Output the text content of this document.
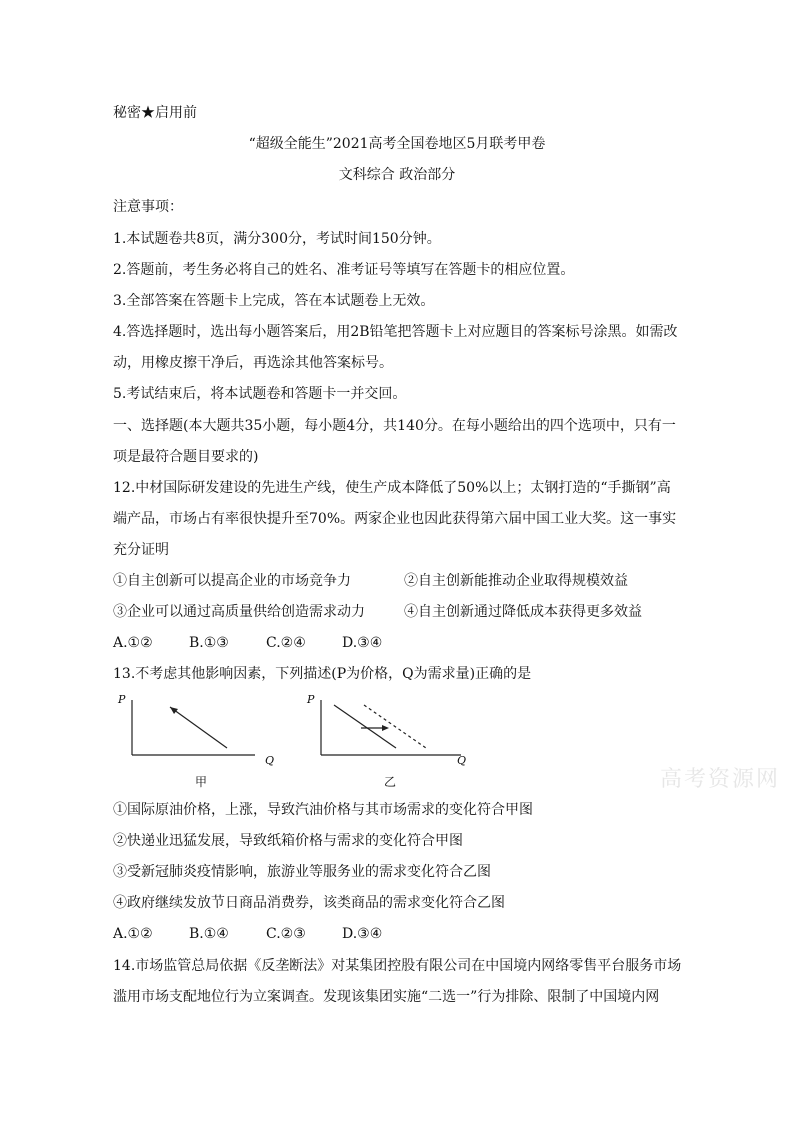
秘密★启用前
“超级全能生”2021高考全国卷地区5月联考甲卷
文科综合 政治部分
注意事项：
1.本试题卷共8页，满分300分，考试时间150分钟。
2.答题前，考生务必将自己的姓名、准考证号等填写在答题卡的相应位置。
3.全部答案在答题卡上完成，答在本试题卷上无效。
4.答选择题时，选出每小题答案后，用2B铅笔把答题卡上对应题目的答案标号涂黑。如需改
动，用橡皮擦干净后，再选涂其他答案标号。
5.考试结束后，将本试题卷和答题卡一并交回。
一、选择题(本大题共35小题，每小题4分，共140分。在每小题给出的四个选项中，只有一
项是最符合题目要求的)
12.中材国际研发建设的先进生产线，使生产成本降低了50%以上；太钢打造的“手撕钢”高
端产品，市场占有率很快提升至70%。两家企业也因此获得第六届中国工业大奖。这一事实
充分证明
①自主创新可以提高企业的市场竞争力	②自主创新能推动企业取得规模效益
③企业可以通过高质量供给创造需求动力	④自主创新通过降低成本获得更多效益
A.①②	B.①③	C.②④	D.③④
13.不考虑其他影响因素，下列描述(P为价格，Q为需求量)正确的是
P
Q
甲
P
Q
乙	高考资源网
①国际原油价格，上涨，导致汽油价格与其市场需求的变化符合甲图
②快递业迅猛发展，导致纸箱价格与需求的变化符合甲图
③受新冠肺炎疫情影响，旅游业等服务业的需求变化符合乙图
④政府继续发放节日商品消费券，该类商品的需求变化符合乙图
A.①②	B.①④	C.②③	D.③④
14.市场监管总局依据《反垄断法》对某集团控股有限公司在中国境内网络零售平台服务市场
滥用市场支配地位行为立案调查。发现该集团实施“二选一”行为排除、限制了中国境内网
